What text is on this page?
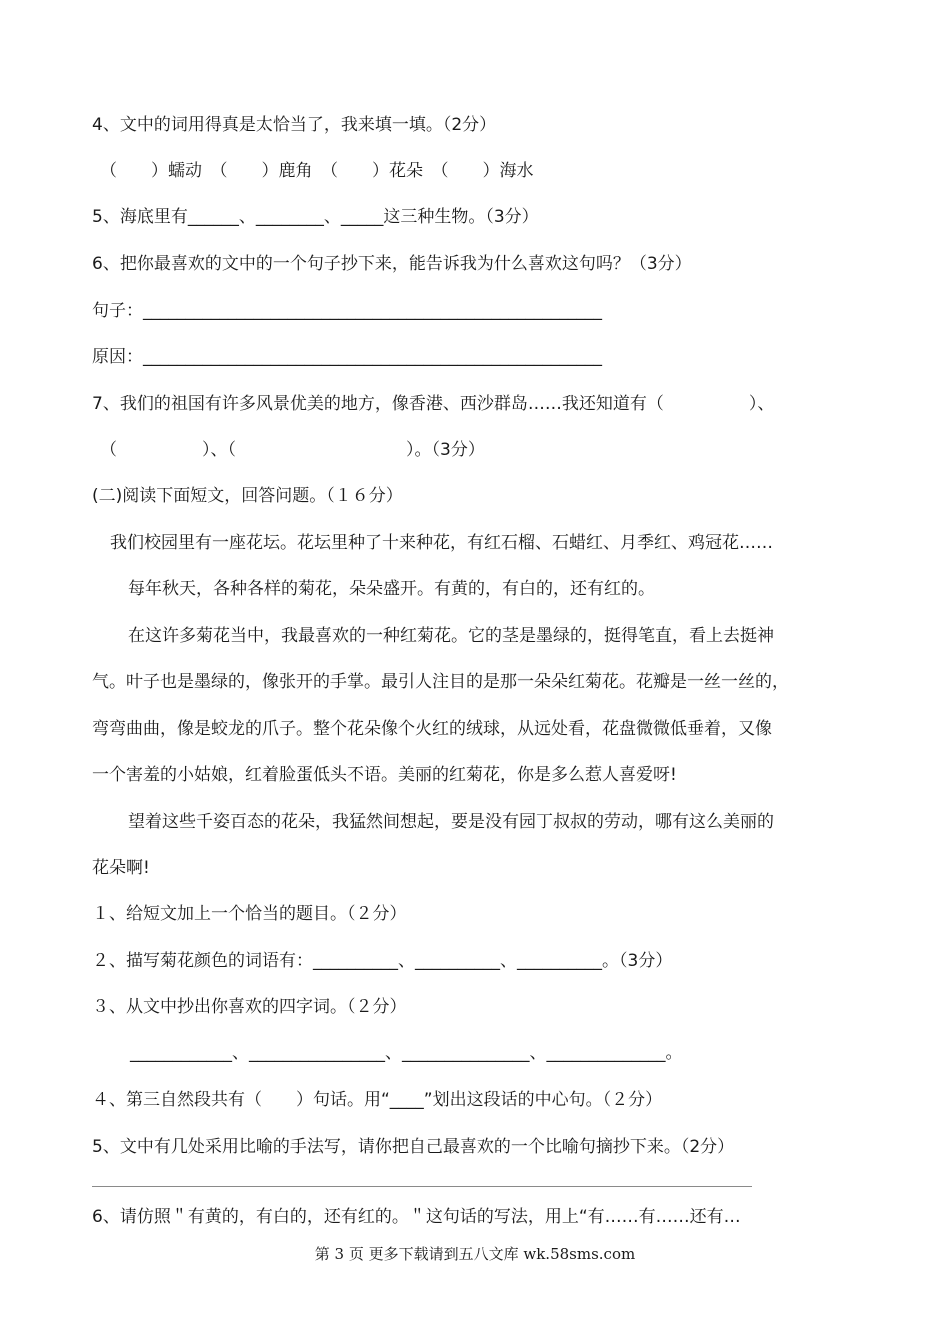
4、文中的词用得真是太恰当了，我来填一填。（2分）
（　　）蠕动　（　　）鹿角　（　　）花朵　（　　）海水
5、海底里有______、________、_____这三种生物。（3分）
6、把你最喜欢的文中的一个句子抄下来，能告诉我为什么喜欢这句吗？（3分）
句子：______________________________________________________
原因：______________________________________________________
7、我们的祖国有许多风景优美的地方，像香港、西沙群岛……我还知道有（　　　　　）、
（　　　　　）、（　　　　　　　　　　）。（3分）
(二)阅读下面短文，回答问题。（１６分）
我们校园里有一座花坛。花坛里种了十来种花，有红石榴、石蜡红、月季红、鸡冠花……
每年秋天，各种各样的菊花，朵朵盛开。有黄的，有白的，还有红的。
在这许多菊花当中，我最喜欢的一种红菊花。它的茎是墨绿的，挺得笔直，看上去挺神
气。叶子也是墨绿的，像张开的手掌。最引人注目的是那一朵朵红菊花。花瓣是一丝一丝的，
弯弯曲曲，像是蛟龙的爪子。整个花朵像个火红的绒球，从远处看，花盘微微低垂着，又像
一个害羞的小姑娘，红着脸蛋低头不语。美丽的红菊花，你是多么惹人喜爱呀!
望着这些千姿百态的花朵，我猛然间想起，要是没有园丁叔叔的劳动，哪有这么美丽的
花朵啊!
１、给短文加上一个恰当的题目。（２分）
２、描写菊花颜色的词语有：__________、__________、__________。（3分）
３、从文中抄出你喜欢的四字词。（２分）
____________、________________、_______________、______________。
４、第三自然段共有（　　）句话。用“____”划出这段话的中心句。（２分）
5、文中有几处采用比喻的手法写，请你把自己最喜欢的一个比喻句摘抄下来。（2分）
6、请仿照＂有黄的，有白的，还有红的。＂这句话的写法，用上“有……有……还有…
第 3 页 更多下载请到五八文库 wk.58sms.com
